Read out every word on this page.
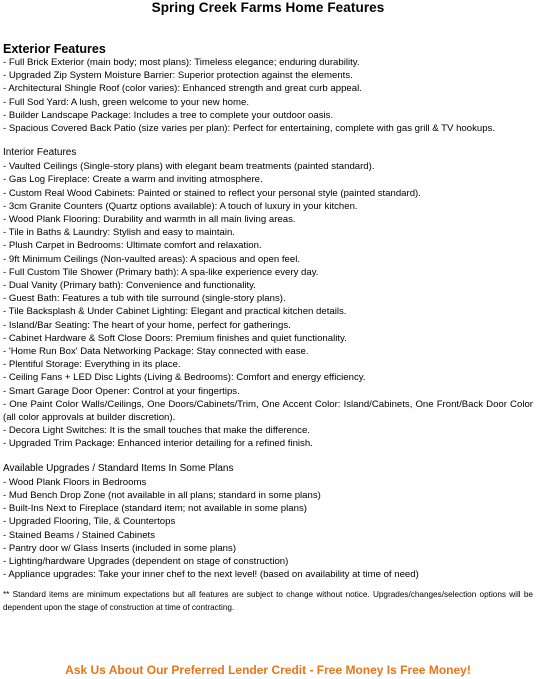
Spring Creek Farms Home Features
Exterior Features
- Full Brick Exterior (main body; most plans): Timeless elegance; enduring durability.
- Upgraded Zip System Moisture Barrier: Superior protection against the elements.
- Architectural Shingle Roof (color varies): Enhanced strength and great curb appeal.
- Full Sod Yard: A lush, green welcome to your new home.
- Builder Landscape Package: Includes a tree to complete your outdoor oasis.
- Spacious Covered Back Patio (size varies per plan): Perfect for entertaining, complete with gas grill & TV hookups.
Interior Features
- Vaulted Ceilings (Single-story plans) with elegant beam treatments (painted standard).
- Gas Log Fireplace: Create a warm and inviting atmosphere.
- Custom Real Wood Cabinets: Painted or stained to reflect your personal style (painted standard).
- 3cm Granite Counters (Quartz options available): A touch of luxury in your kitchen.
- Wood Plank Flooring: Durability and warmth in all main living areas.
- Tile in Baths & Laundry: Stylish and easy to maintain.
- Plush Carpet in Bedrooms: Ultimate comfort and relaxation.
- 9ft Minimum Ceilings (Non-vaulted areas): A spacious and open feel.
- Full Custom Tile Shower (Primary bath): A spa-like experience every day.
- Dual Vanity (Primary bath): Convenience and functionality.
- Guest Bath: Features a tub with tile surround (single-story plans).
- Tile Backsplash & Under Cabinet Lighting: Elegant and practical kitchen details.
- Island/Bar Seating: The heart of your home, perfect for gatherings.
- Cabinet Hardware & Soft Close Doors: Premium finishes and quiet functionality.
- 'Home Run Box' Data Networking Package: Stay connected with ease.
- Plentiful Storage: Everything in its place.
- Ceiling Fans + LED Disc Lights (Living & Bedrooms): Comfort and energy efficiency.
- Smart Garage Door Opener: Control at your fingertips.
- One Paint Color Walls/Ceilings, One Doors/Cabinets/Trim, One Accent Color: Island/Cabinets, One Front/Back Door Color (all color approvals at builder discretion).
- Decora Light Switches: It is the small touches that make the difference.
- Upgraded Trim Package: Enhanced interior detailing for a refined finish.
Available Upgrades / Standard Items In Some Plans
- Wood Plank Floors in Bedrooms
- Mud Bench Drop Zone (not available in all plans; standard in some plans)
- Built-Ins Next to Fireplace (standard item; not available in some plans)
- Upgraded Flooring, Tile, & Countertops
- Stained Beams / Stained Cabinets
- Pantry door w/ Glass Inserts (included in some plans)
- Lighting/hardware Upgrades (dependent on stage of construction)
- Appliance upgrades: Take your inner chef to the next level! (based on availability at time of need)

** Standard items are minimum expectations but all features are subject to change without notice. Upgrades/changes/selection options will be dependent upon the stage of construction at time of contracting.

Ask Us About Our Preferred Lender Credit - Free Money Is Free Money!
